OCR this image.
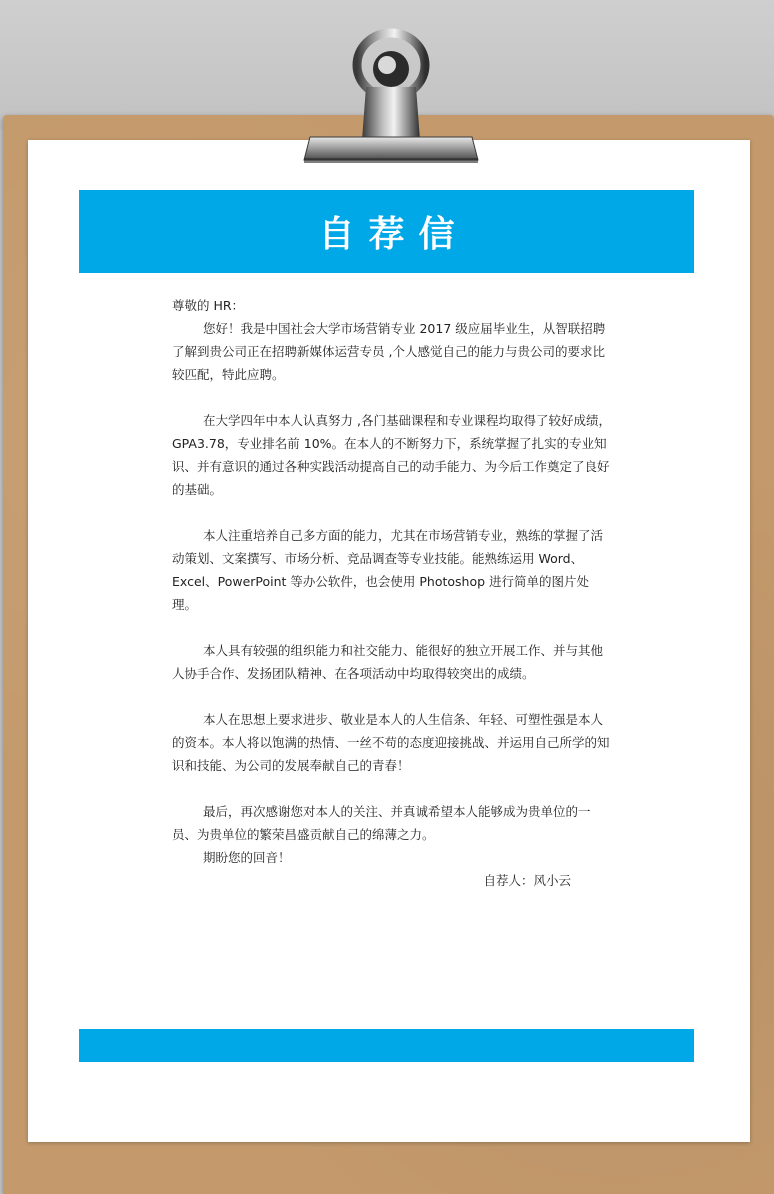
自荐信

尊敬的 HR：

您好！我是中国社会大学市场营销专业 2017 级应届毕业生，从智联招聘了解到贵公司正在招聘新媒体运营专员 ,个人感觉自己的能力与贵公司的要求比较匹配，特此应聘。

在大学四年中本人认真努力 ,各门基础课程和专业课程均取得了较好成绩，GPA3.78，专业排名前 10%。在本人的不断努力下，系统掌握了扎实的专业知识、并有意识的通过各种实践活动提高自己的动手能力、为今后工作奠定了良好的基础。

本人注重培养自己多方面的能力，尤其在市场营销专业，熟练的掌握了活动策划、文案撰写、市场分析、竞品调查等专业技能。能熟练运用 Word、Excel、PowerPoint 等办公软件，也会使用 Photoshop 进行简单的图片处理。

本人具有较强的组织能力和社交能力、能很好的独立开展工作、并与其他人协手合作、发扬团队精神、在各项活动中均取得较突出的成绩。

本人在思想上要求进步、敬业是本人的人生信条、年轻、可塑性强是本人的资本。本人将以饱满的热情、一丝不苟的态度迎接挑战、并运用自己所学的知识和技能、为公司的发展奉献自己的青春！

最后，再次感谢您对本人的关注、并真诚希望本人能够成为贵单位的一员、为贵单位的繁荣昌盛贡献自己的绵薄之力。

期盼您的回音！

自荐人：风小云
